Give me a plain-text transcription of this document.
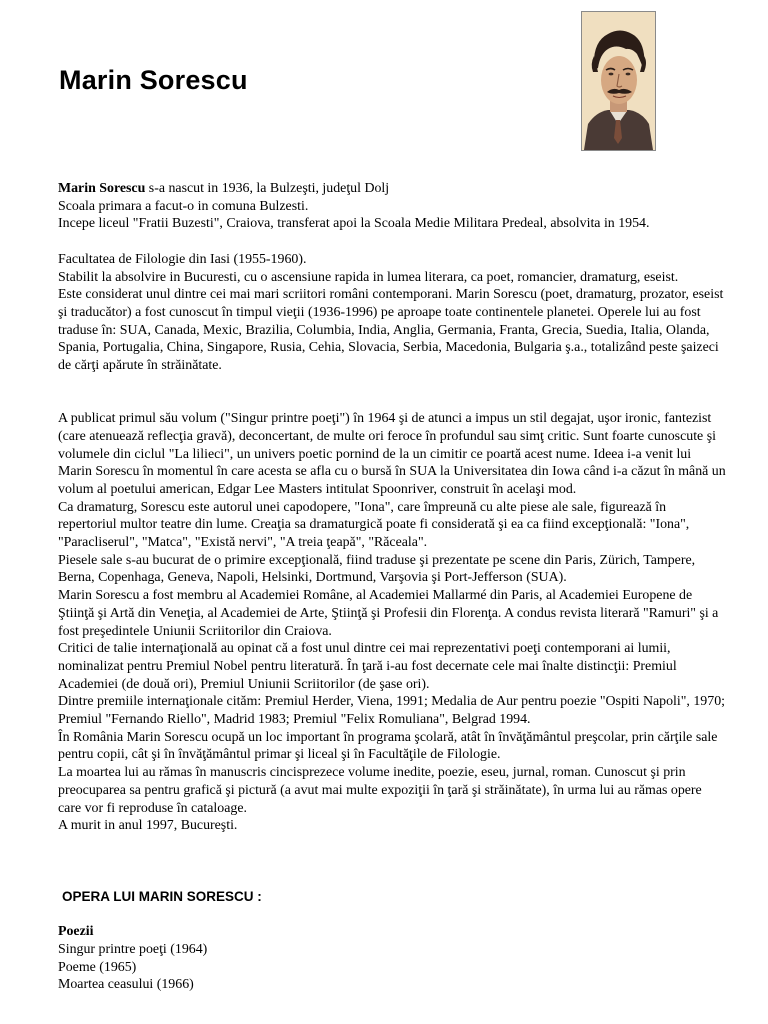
Marin Sorescu

Marin Sorescu s-a nascut in 1936, la Bulzeşti, judeţul Dolj

Scoala primara a facut-o in comuna Bulzesti.

Incepe liceul "Fratii Buzesti", Craiova, transferat apoi la Scoala Medie Militara Predeal, absolvita in 1954.

Facultatea de Filologie din Iasi (1955-1960).

Stabilit la absolvire in Bucuresti, cu o ascensiune rapida in lumea literara, ca poet, romancier, dramaturg, eseist.

Este considerat unul dintre cei mai mari scriitori români contemporani. Marin Sorescu (poet, dramaturg, prozator, eseist şi traducător) a fost cunoscut în timpul vieţii (1936-1996) pe aproape toate continentele planetei. Operele lui au fost traduse în: SUA, Canada, Mexic, Brazilia, Columbia, India, Anglia, Germania, Franta, Grecia, Suedia, Italia, Olanda, Spania, Portugalia, China, Singapore, Rusia, Cehia, Slovacia, Serbia, Macedonia, Bulgaria ş.a., totalizând peste şaizeci de cărţi apărute în străinătate.

A publicat primul său volum ("Singur printre poeţi") în 1964 şi de atunci a impus un stil degajat, uşor ironic, fantezist (care atenuează reflecţia gravă), deconcertant, de multe ori feroce în profundul sau simţ critic. Sunt foarte cunoscute şi volumele din ciclul "La lilieci", un univers poetic pornind de la un cimitir ce poartă acest nume. Ideea i-a venit lui Marin Sorescu în momentul în care acesta se afla cu o bursă în SUA la Universitatea din Iowa când i-a căzut în mână un volum al poetului american, Edgar Lee Masters intitulat Spoonriver, construit în acelaşi mod.

Ca dramaturg, Sorescu este autorul unei capodopere, "Iona", care împreună cu alte piese ale sale, figurează în repertoriul multor teatre din lume. Creaţia sa dramaturgică poate fi considerată şi ea ca fiind excepţională: "Iona", "Paracliserul", "Matca", "Există nervi", "A treia ţeapă", "Răceala".

Piesele sale s-au bucurat de o primire excepţională, fiind traduse şi prezentate pe scene din Paris, Zürich, Tampere, Berna, Copenhaga, Geneva, Napoli, Helsinki, Dortmund, Varşovia şi Port-Jefferson (SUA).

Marin Sorescu a fost membru al Academiei Române, al Academiei Mallarmé din Paris, al Academiei Europene de Ştiinţă şi Artă din Veneţia, al Academiei de Arte, Ştiinţă şi Profesii din Florenţa. A condus revista literară "Ramuri" şi a fost preşedintele Uniunii Scriitorilor din Craiova.

Critici de talie internaţională au opinat că a fost unul dintre cei mai reprezentativi poeţi contemporani ai lumii, nominalizat pentru Premiul Nobel pentru literatură. În ţară i-au fost decernate cele mai înalte distincţii: Premiul Academiei (de două ori), Premiul Uniunii Scriitorilor (de şase ori).

Dintre premiile internaţionale cităm: Premiul Herder, Viena, 1991; Medalia de Aur pentru poezie "Ospiti Napoli", 1970; Premiul "Fernando Riello", Madrid 1983; Premiul "Felix Romuliana", Belgrad 1994.

În România Marin Sorescu ocupă un loc important în programa şcolară, atât în învăţământul preşcolar, prin cărţile sale pentru copii, cât şi în învăţământul primar şi liceal şi în Facultăţile de Filologie.

La moartea lui au rămas în manuscris cincisprezece volume inedite, poezie, eseu, jurnal, roman. Cunoscut şi prin preocuparea sa pentru grafică şi pictură (a avut mai multe expoziţii în ţară şi străinătate), în urma lui au rămas opere care vor fi reproduse în cataloage.

A murit in anul 1997, Bucureşti.

OPERA LUI MARIN SORESCU :

Poezii

Singur printre poeţi (1964)

Poeme (1965)

Moartea ceasului (1966)
